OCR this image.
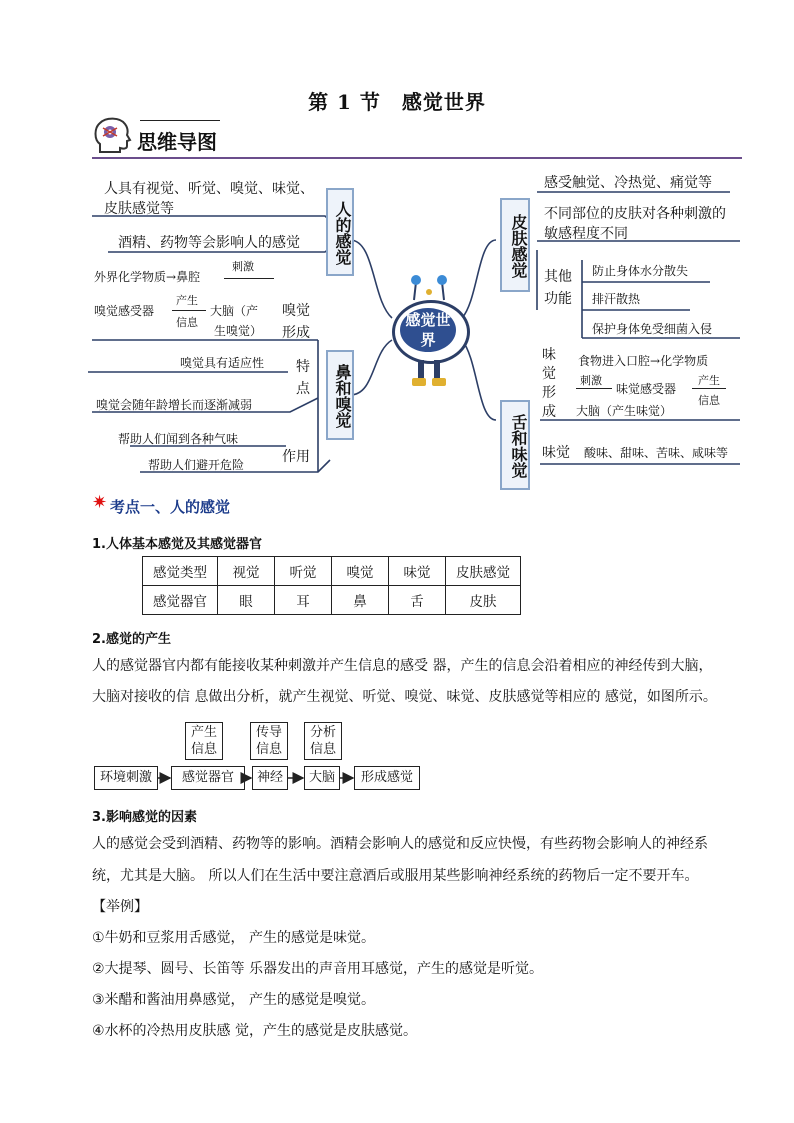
第 1 节　感觉世界
思维导图
感觉世界
人的感觉
鼻和嗅觉
皮肤感觉
舌和味觉
人具有视觉、听觉、嗅觉、味觉、
皮肤感觉等
酒精、药物等会影响人的感觉
外界化学物质→鼻腔
刺激
嗅觉感受器
产生
信息
大脑（产
生嗅觉）
嗅觉
形成
特
点
嗅觉具有适应性
嗅觉会随年龄增长而逐渐减弱
作用
帮助人们闻到各种气味
帮助人们避开危险
感受触觉、冷热觉、痛觉等
不同部位的皮肤对各种刺激的
敏感程度不同
其他
功能
防止身体水分散失
排汗散热
保护身体免受细菌入侵
味
觉
形
成
食物进入口腔→化学物质
刺激
味觉感受器
产生
信息
大脑（产生味觉）
味觉 酸味、甜味、苦味、咸味等
✷ 考点一、人的感觉
1.人体基本感觉及其感觉器官
感觉类型	视觉	听觉	嗅觉	味觉	皮肤感觉
感觉器官	眼	耳	鼻	舌	皮肤
2.感觉的产生
人的感觉器官内都有能接收某种刺激并产生信息的感受 器，产生的信息会沿着相应的神经传到大脑，
大脑对接收的信 息做出分析，就产生视觉、听觉、嗅觉、味觉、皮肤感觉等相应的 感觉，如图所示。
产生
信息
传导
信息
分析
信息
环境刺激	感觉器官	神经	大脑	形成感觉
3.影响感觉的因素
人的感觉会受到酒精、药物等的影响。酒精会影响人的感觉和反应快慢，有些药物会影响人的神经系
统，尤其是大脑。 所以人们在生活中要注意酒后或服用某些影响神经系统的药物后一定不要开车。
【举例】
①牛奶和豆浆用舌感觉， 产生的感觉是味觉。
②大提琴、圆号、长笛等 乐器发出的声音用耳感觉，产生的感觉是听觉。
③米醋和酱油用鼻感觉， 产生的感觉是嗅觉。
④水杯的冷热用皮肤感 觉，产生的感觉是皮肤感觉。
